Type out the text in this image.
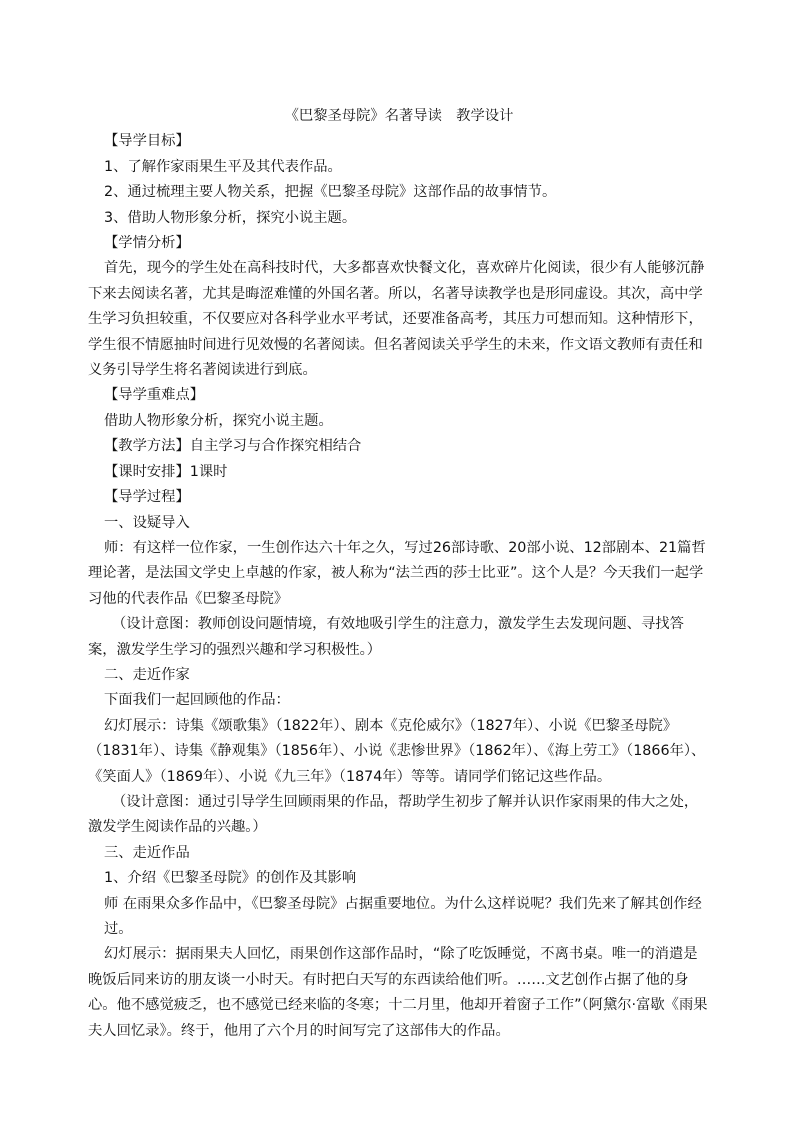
《巴黎圣母院》名著导读　教学设计

【导学目标】

1、了解作家雨果生平及其代表作品。

2、通过梳理主要人物关系，把握《巴黎圣母院》这部作品的故事情节。

3、借助人物形象分析，探究小说主题。

【学情分析】

首先，现今的学生处在高科技时代，大多都喜欢快餐文化，喜欢碎片化阅读，很少有人能够沉静下来去阅读名著，尤其是晦涩难懂的外国名著。所以，名著导读教学也是形同虚设。其次，高中学生学习负担较重，不仅要应对各科学业水平考试，还要准备高考，其压力可想而知。这种情形下，学生很不情愿抽时间进行见效慢的名著阅读。但名著阅读关乎学生的未来，作文语文教师有责任和义务引导学生将名著阅读进行到底。

【导学重难点】

借助人物形象分析，探究小说主题。

【教学方法】自主学习与合作探究相结合

【课时安排】1课时

【导学过程】

一、设疑导入

师：有这样一位作家，一生创作达六十年之久，写过26部诗歌、20部小说、12部剧本、21篇哲理论著，是法国文学史上卓越的作家，被人称为“法兰西的莎士比亚”。这个人是？今天我们一起学习他的代表作品《巴黎圣母院》

（设计意图：教师创设问题情境，有效地吸引学生的注意力，激发学生去发现问题、寻找答案，激发学生学习的强烈兴趣和学习积极性。）

二、走近作家

下面我们一起回顾他的作品：

幻灯展示：诗集《颂歌集》（1822年）、剧本《克伦威尔》（1827年）、小说《巴黎圣母院》（1831年）、诗集《静观集》（1856年）、小说《悲惨世界》（1862年）、《海上劳工》（1866年）、《笑面人》（1869年）、小说《九三年》（1874年）等等。请同学们铭记这些作品。

（设计意图：通过引导学生回顾雨果的作品，帮助学生初步了解并认识作家雨果的伟大之处，激发学生阅读作品的兴趣。）

三、走近作品

1、介绍《巴黎圣母院》的创作及其影响

师 在雨果众多作品中，《巴黎圣母院》占据重要地位。为什么这样说呢？我们先来了解其创作经过。

幻灯展示：据雨果夫人回忆，雨果创作这部作品时，“除了吃饭睡觉，不离书桌。唯一的消遣是晚饭后同来访的朋友谈一小时天。有时把白天写的东西读给他们听。……文艺创作占据了他的身心。他不感觉疲乏，也不感觉已经来临的冬寒；十二月里，他却开着窗子工作”（阿黛尔·富歇《雨果夫人回忆录》。终于，他用了六个月的时间写完了这部伟大的作品。
